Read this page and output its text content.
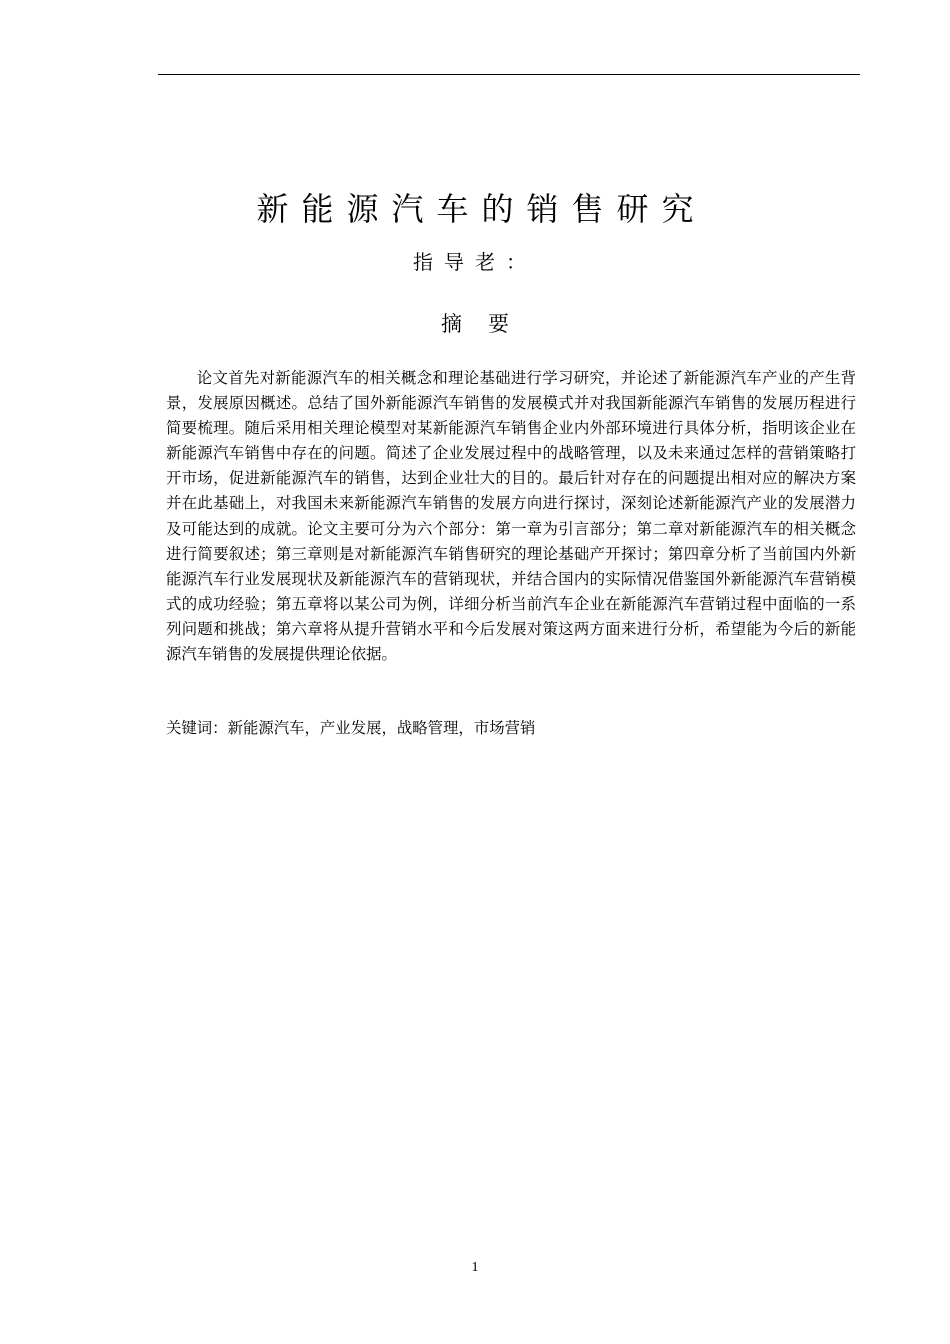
新能源汽车的销售研究
指导老：
摘要

论文首先对新能源汽车的相关概念和理论基础进行学习研究，并论述了新能源汽车产业的产生背景，发展原因概述。总结了国外新能源汽车销售的发展模式并对我国新能源汽车销售的发展历程进行简要梳理。随后采用相关理论模型对某新能源汽车销售企业内外部环境进行具体分析，指明该企业在新能源汽车销售中存在的问题。简述了企业发展过程中的战略管理，以及未来通过怎样的营销策略打开市场，促进新能源汽车的销售，达到企业壮大的目的。最后针对存在的问题提出相对应的解决方案并在此基础上，对我国未来新能源汽车销售的发展方向进行探讨，深刻论述新能源汽产业的发展潜力及可能达到的成就。论文主要可分为六个部分：第一章为引言部分；第二章对新能源汽车的相关概念进行简要叙述；第三章则是对新能源汽车销售研究的理论基础产开探讨；第四章分析了当前国内外新能源汽车行业发展现状及新能源汽车的营销现状，并结合国内的实际情况借鉴国外新能源汽车营销模式的成功经验；第五章将以某公司为例，详细分析当前汽车企业在新能源汽车营销过程中面临的一系列问题和挑战；第六章将从提升营销水平和今后发展对策这两方面来进行分析，希望能为今后的新能源汽车销售的发展提供理论依据。

关键词：新能源汽车，产业发展，战略管理，市场营销
1
